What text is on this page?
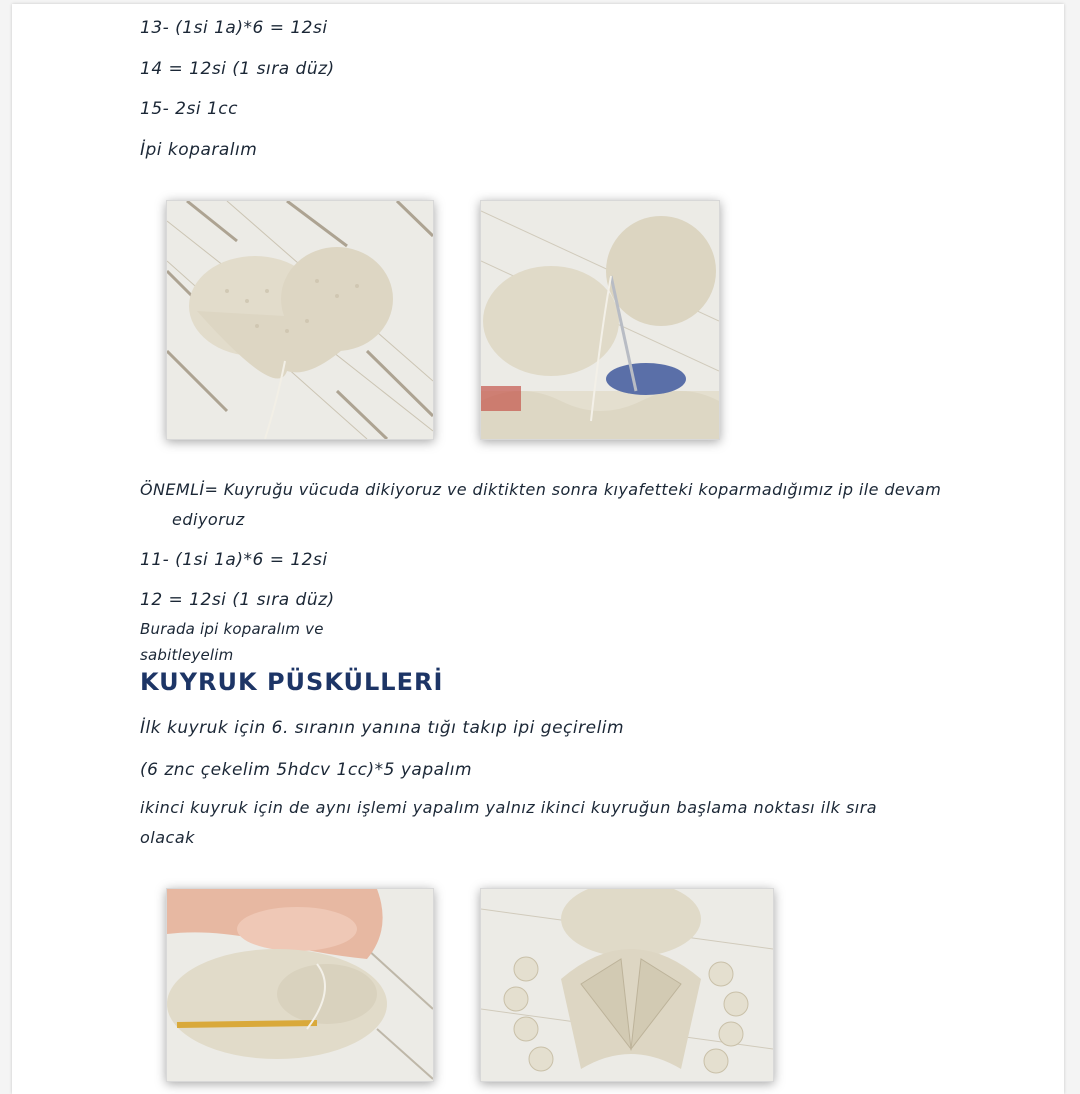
13- (1si 1a)*6 = 12si

14 = 12si (1 sıra düz)

15- 2si 1cc

İpi koparalım

ÖNEMLİ= Kuyruğu vücuda dikiyoruz ve diktikten sonra kıyafetteki koparmadığımız ip ile devam

ediyoruz

11- (1si 1a)*6 = 12si

12 = 12si (1 sıra düz)

Burada ipi koparalım ve

sabitleyelim

KUYRUK PÜSKÜLLERİ

İlk kuyruk için 6. sıranın yanına tığı takıp ipi geçirelim

(6 znc çekelim 5hdcv 1cc)*5 yapalım

ikinci kuyruk için de aynı işlemi yapalım yalnız ikinci kuyruğun başlama noktası ilk sıra

olacak
